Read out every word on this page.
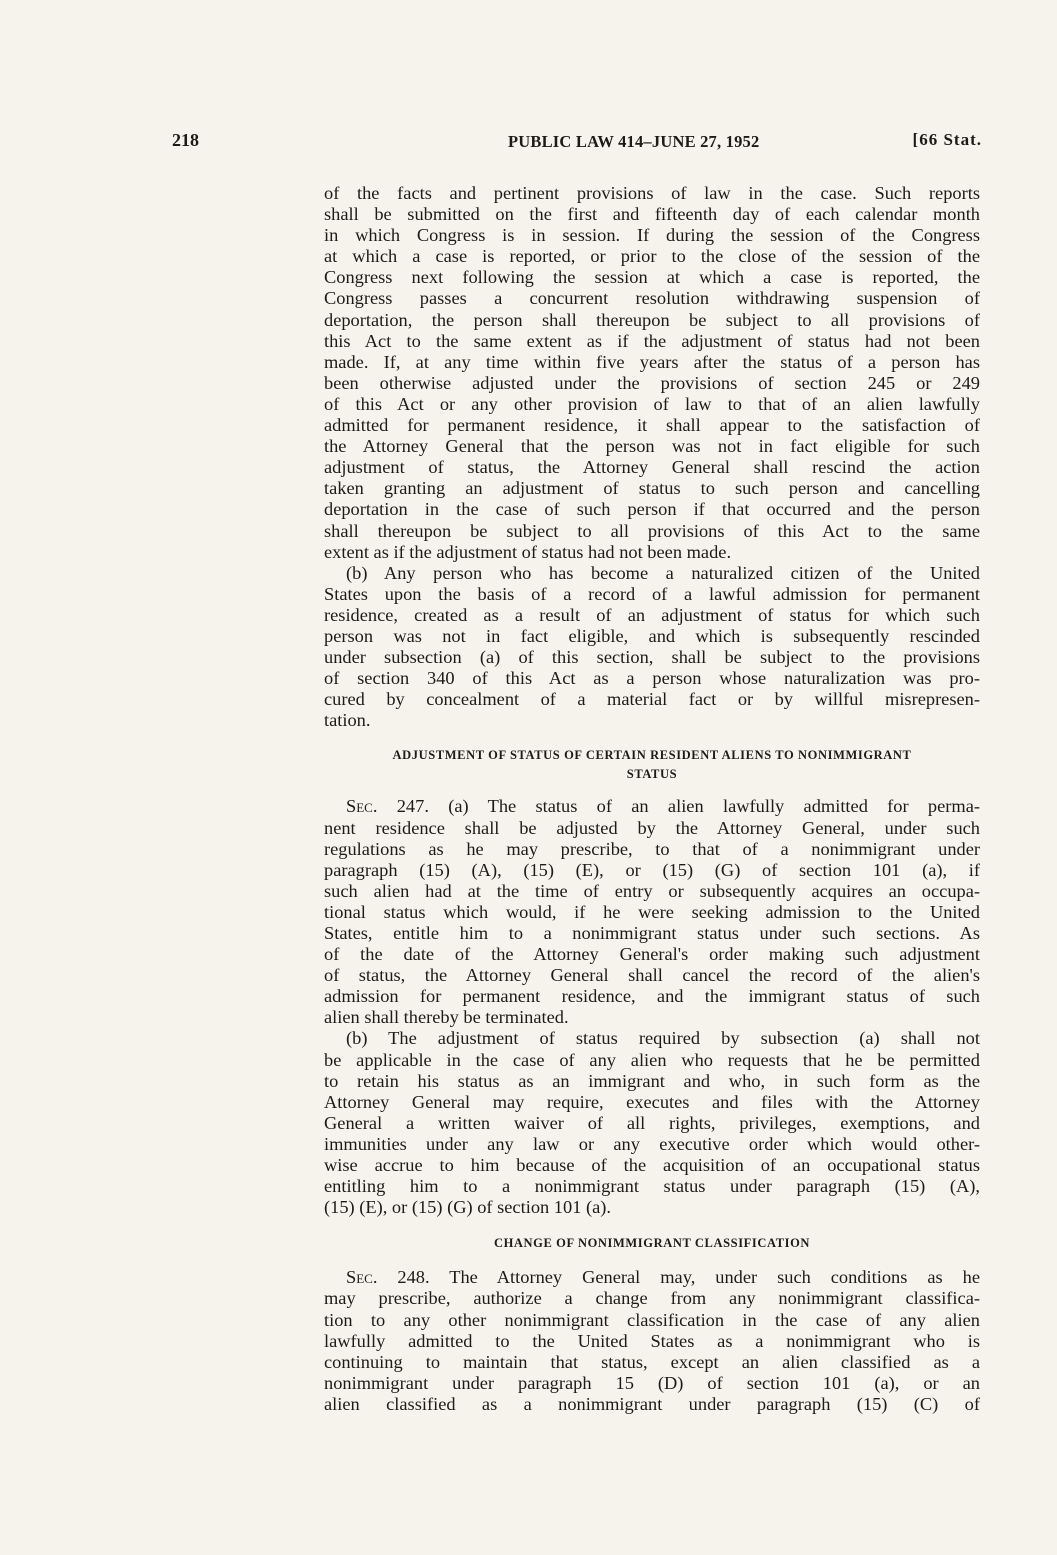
218	PUBLIC LAW 414–JUNE 27, 1952	[66 Stat.
of the facts and pertinent provisions of law in the case. Such reports
shall be submitted on the first and fifteenth day of each calendar month
in which Congress is in session. If during the session of the Congress
at which a case is reported, or prior to the close of the session of the
Congress next following the session at which a case is reported, the
Congress passes a concurrent resolution withdrawing suspension of
deportation, the person shall thereupon be subject to all provisions of
this Act to the same extent as if the adjustment of status had not been
made. If, at any time within five years after the status of a person has
been otherwise adjusted under the provisions of section 245 or 249
of this Act or any other provision of law to that of an alien lawfully
admitted for permanent residence, it shall appear to the satisfaction of
the Attorney General that the person was not in fact eligible for such
adjustment of status, the Attorney General shall rescind the action
taken granting an adjustment of status to such person and cancelling
deportation in the case of such person if that occurred and the person
shall thereupon be subject to all provisions of this Act to the same
extent as if the adjustment of status had not been made.
(b) Any person who has become a naturalized citizen of the United
States upon the basis of a record of a lawful admission for permanent
residence, created as a result of an adjustment of status for which such
person was not in fact eligible, and which is subsequently rescinded
under subsection (a) of this section, shall be subject to the provisions
of section 340 of this Act as a person whose naturalization was pro-
cured by concealment of a material fact or by willful misrepresen-
tation.
ADJUSTMENT OF STATUS OF CERTAIN RESIDENT ALIENS TO NONIMMIGRANT
STATUS
Sec. 247. (a) The status of an alien lawfully admitted for perma-
nent residence shall be adjusted by the Attorney General, under such
regulations as he may prescribe, to that of a nonimmigrant under
paragraph (15) (A), (15) (E), or (15) (G) of section 101 (a), if
such alien had at the time of entry or subsequently acquires an occupa-
tional status which would, if he were seeking admission to the United
States, entitle him to a nonimmigrant status under such sections. As
of the date of the Attorney General's order making such adjustment
of status, the Attorney General shall cancel the record of the alien's
admission for permanent residence, and the immigrant status of such
alien shall thereby be terminated.
(b) The adjustment of status required by subsection (a) shall not
be applicable in the case of any alien who requests that he be permitted
to retain his status as an immigrant and who, in such form as the
Attorney General may require, executes and files with the Attorney
General a written waiver of all rights, privileges, exemptions, and
immunities under any law or any executive order which would other-
wise accrue to him because of the acquisition of an occupational status
entitling him to a nonimmigrant status under paragraph (15) (A),
(15) (E), or (15) (G) of section 101 (a).
CHANGE OF NONIMMIGRANT CLASSIFICATION
Sec. 248. The Attorney General may, under such conditions as he
may prescribe, authorize a change from any nonimmigrant classifica-
tion to any other nonimmigrant classification in the case of any alien
lawfully admitted to the United States as a nonimmigrant who is
continuing to maintain that status, except an alien classified as a
nonimmigrant under paragraph 15 (D) of section 101 (a), or an
alien classified as a nonimmigrant under paragraph (15) (C) of
